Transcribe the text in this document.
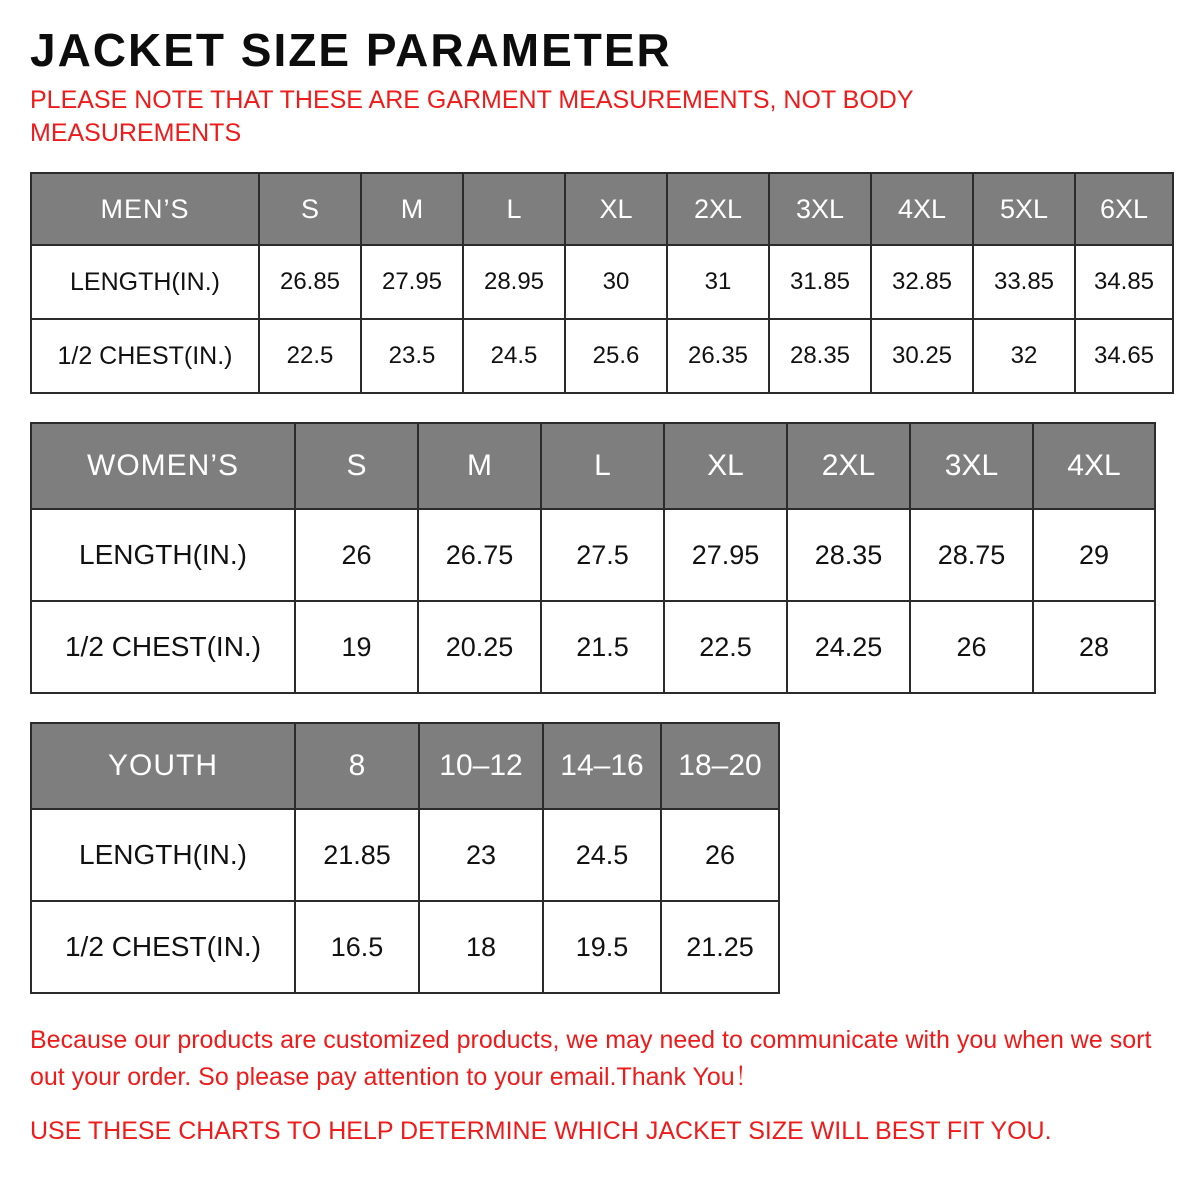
JACKET SIZE PARAMETER

PLEASE NOTE THAT THESE ARE GARMENT MEASUREMENTS, NOT BODY MEASUREMENTS

MEN’S	S	M	L	XL	2XL	3XL	4XL	5XL	6XL
LENGTH(IN.)	26.85	27.95	28.95	30	31	31.85	32.85	33.85	34.85
1/2 CHEST(IN.)	22.5	23.5	24.5	25.6	26.35	28.35	30.25	32	34.65
WOMEN’S	S	M	L	XL	2XL	3XL	4XL
LENGTH(IN.)	26	26.75	27.5	27.95	28.35	28.75	29
1/2 CHEST(IN.)	19	20.25	21.5	22.5	24.25	26	28
YOUTH	8	10–12	14–16	18–20
LENGTH(IN.)	21.85	23	24.5	26
1/2 CHEST(IN.)	16.5	18	19.5	21.25

Because our products are customized products, we may need to communicate with you when we sort out your order. So please pay attention to your email.Thank You！

USE THESE CHARTS TO HELP DETERMINE WHICH JACKET SIZE WILL BEST FIT YOU.
